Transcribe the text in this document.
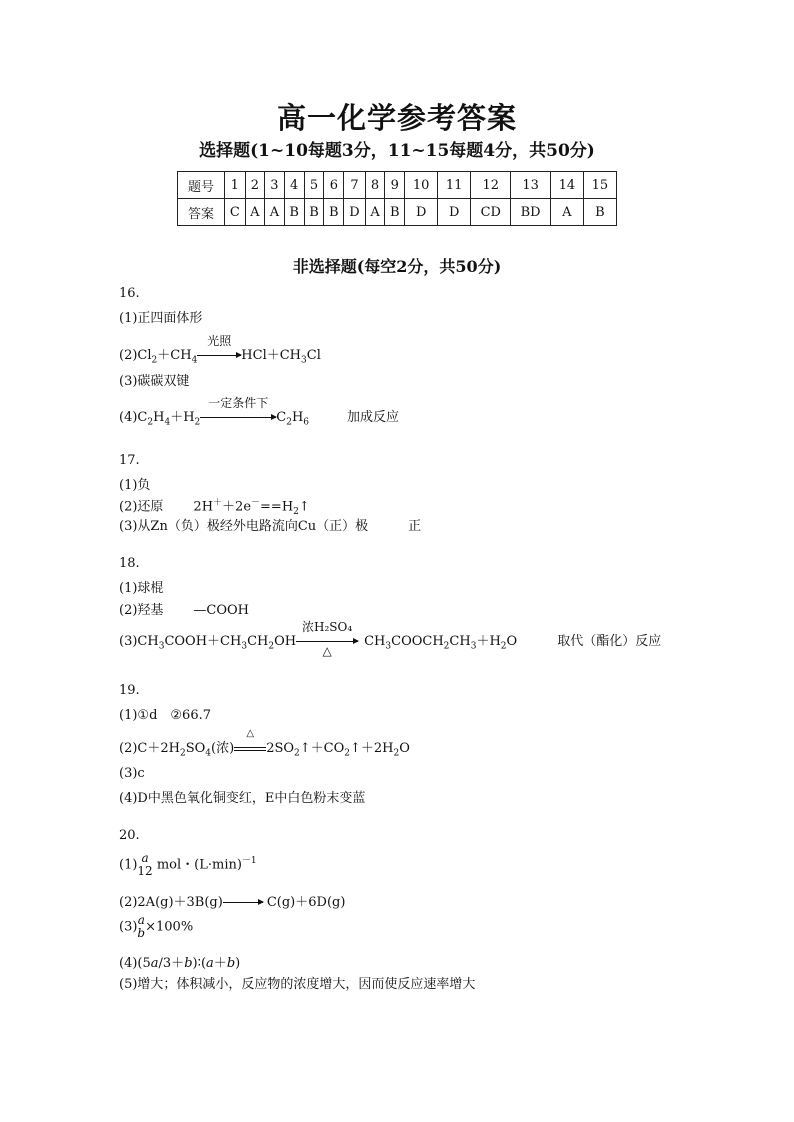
高一化学参考答案
选择题(1~10每题3分，11~15每题4分，共50分)
题号	1	2	3	4	5	6	7	8	9	10	11	12	13	14	15
答案	C	A	A	B	B	B	D	A	B	D	D	CD	BD	A	B
非选择题(每空2分，共50分)
16.
(1)正四面体形
$(2)Cl_2+CH_4$
光照
$HCl+CH_3Cl$
(3)碳碳双键
$(4)C_2H_4+H_2$
一定条件下
$C_2H_6$	加成反应
17.
(1)负
(2)还原 $2H^++2e^-==H_2↑$
(3)从Zn（负）极经外电路流向Cu（正）极	正
18.
(1)球棍
(2)羟基 —COOH
$(3)CH_3COOH+CH_3CH_2OH$
浓H₂SO₄
△
$CH_3COOCH_2CH_3+H_2O$	取代（酯化）反应
19.
(1)①d　②66.7
$(2)C+2H_2SO_4$(浓)
△
$2SO_2↑+CO_2↑+2H_2O$
(3)c
(4)D中黑色氧化铜变红，E中白色粉末变蓝
20.
(1) a
12 mol・$(L\cdot\min)^{-1}$
(2)2A(g)＋3B(g)→ C(g)＋6D(g)
(3) a
b ×100%
(4)(5a/3＋b)∶(a＋b)
(5)增大；体积减小，反应物的浓度增大，因而使反应速率增大
